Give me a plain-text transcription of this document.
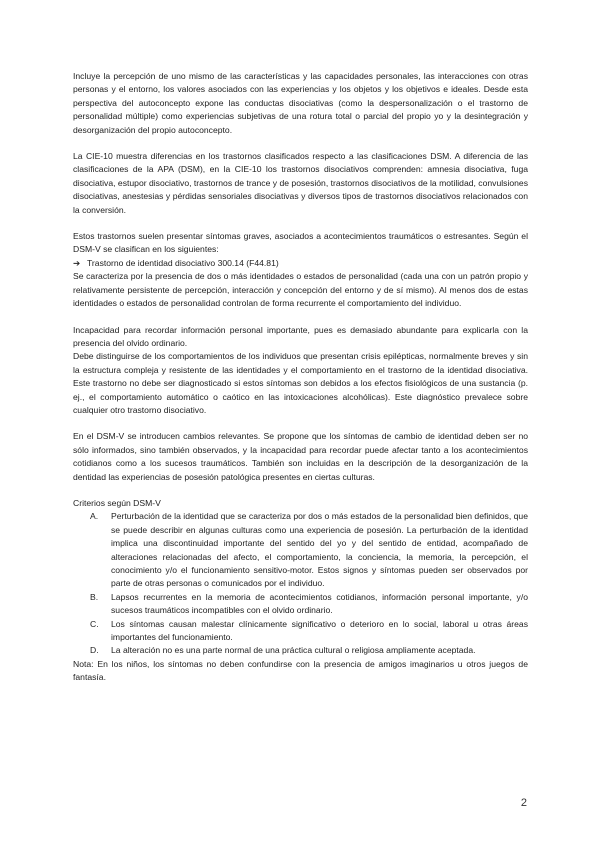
Incluye la percepción de uno mismo de las características y las capacidades personales, las interacciones con otras personas y el entorno, los valores asociados con las experiencias y los objetos y los objetivos e ideales. Desde esta perspectiva del autoconcepto expone las conductas disociativas (como la despersonalización o el trastorno de personalidad múltiple) como experiencias subjetivas de una rotura total o parcial del propio yo y la desintegración y desorganización del propio autoconcepto.

La CIE-10 muestra diferencias en los trastornos clasificados respecto a las clasificaciones DSM. A diferencia de las clasificaciones de la APA (DSM), en la CIE-10 los trastornos disociativos comprenden: amnesia disociativa, fuga disociativa, estupor disociativo, trastornos de trance y de posesión, trastornos disociativos de la motilidad, convulsiones disociativas, anestesias y pérdidas sensoriales disociativas y diversos tipos de trastornos disociativos relacionados con la conversión.

Estos trastornos suelen presentar síntomas graves, asociados a acontecimientos traumáticos o estresantes. Según el DSM-V se clasifican en los siguientes:

➔ Trastorno de identidad disociativo 300.14 (F44.81)

Se caracteriza por la presencia de dos o más identidades o estados de personalidad (cada una con un patrón propio y relativamente persistente de percepción, interacción y concepción del entorno y de sí mismo). Al menos dos de estas identidades o estados de personalidad controlan de forma recurrente el comportamiento del individuo.

Incapacidad para recordar información personal importante, pues es demasiado abundante para explicarla con la presencia del olvido ordinario.

Debe distinguirse de los comportamientos de los individuos que presentan crisis epilépticas, normalmente breves y sin la estructura compleja y resistente de las identidades y el comportamiento en el trastorno de la identidad disociativa. Este trastorno no debe ser diagnosticado si estos síntomas son debidos a los efectos fisiológicos de una sustancia (p. ej., el comportamiento automático o caótico en las intoxicaciones alcohólicas). Este diagnóstico prevalece sobre cualquier otro trastorno disociativo.

En el DSM-V se introducen cambios relevantes. Se propone que los síntomas de cambio de identidad deben ser no sólo informados, sino también observados, y la incapacidad para recordar puede afectar tanto a los acontecimientos cotidianos como a los sucesos traumáticos. También son incluidas en la descripción de la desorganización de la dentidad las experiencias de posesión patológica presentes en ciertas culturas.

Criterios según DSM-V

A. Perturbación de la identidad que se caracteriza por dos o más estados de la personalidad bien definidos, que se puede describir en algunas culturas como una experiencia de posesión. La perturbación de la identidad implica una discontinuidad importante del sentido del yo y del sentido de entidad, acompañado de alteraciones relacionadas del afecto, el comportamiento, la conciencia, la memoria, la percepción, el conocimiento y/o el funcionamiento sensitivo-motor. Estos signos y síntomas pueden ser observados por parte de otras personas o comunicados por el individuo.
B. Lapsos recurrentes en la memoria de acontecimientos cotidianos, información personal importante, y/o sucesos traumáticos incompatibles con el olvido ordinario.
C. Los síntomas causan malestar clínicamente significativo o deterioro en lo social, laboral u otras áreas importantes del funcionamiento.
D. La alteración no es una parte normal de una práctica cultural o religiosa ampliamente aceptada.

Nota: En los niños, los síntomas no deben confundirse con la presencia de amigos imaginarios u otros juegos de fantasía.

2
